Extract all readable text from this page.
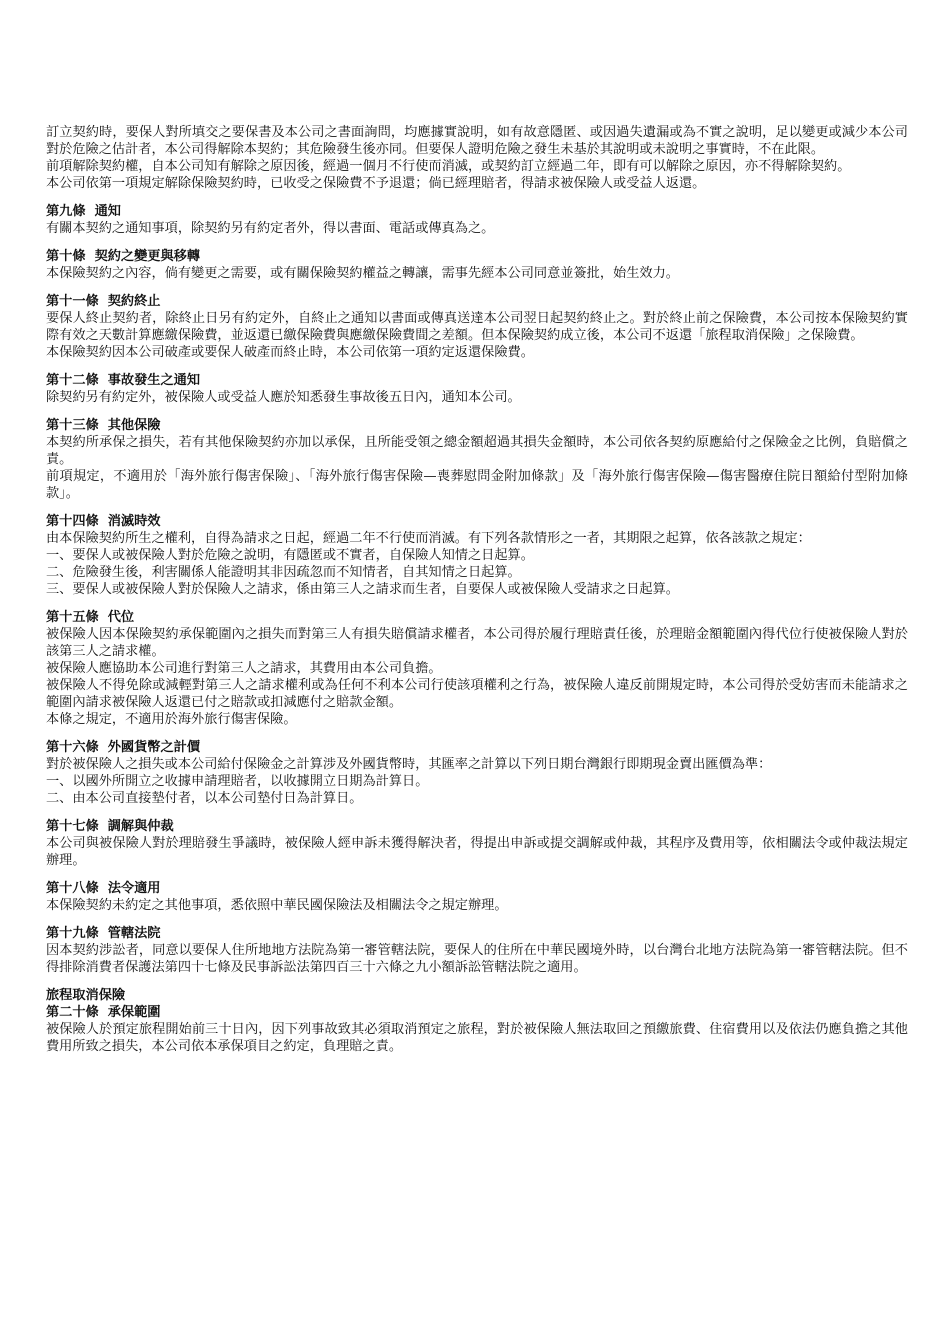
訂立契約時，要保人對所填交之要保書及本公司之書面詢問，均應據實說明，如有故意隱匿、或因過失遺漏或為不實之說明，足以變更或減少本公司對於危險之估計者，本公司得解除本契約；其危險發生後亦同。但要保人證明危險之發生未基於其說明或未說明之事實時，不在此限。

前項解除契約權，自本公司知有解除之原因後，經過一個月不行使而消滅，或契約訂立經過二年，即有可以解除之原因，亦不得解除契約。

本公司依第一項規定解除保險契約時，已收受之保險費不予退還；倘已經理賠者，得請求被保險人或受益人返還。

第九條 通知

有關本契約之通知事項，除契約另有約定者外，得以書面、電話或傳真為之。

第十條 契約之變更與移轉

本保險契約之內容，倘有變更之需要，或有關保險契約權益之轉讓，需事先經本公司同意並簽批，始生效力。

第十一條 契約終止

要保人終止契約者，除終止日另有約定外，自終止之通知以書面或傳真送達本公司翌日起契約終止之。對於終止前之保險費，本公司按本保險契約實際有效之天數計算應繳保險費，並返還已繳保險費與應繳保險費間之差額。但本保險契約成立後，本公司不返還「旅程取消保險」之保險費。

本保險契約因本公司破產或要保人破產而終止時，本公司依第一項約定返還保險費。

第十二條 事故發生之通知

除契約另有約定外，被保險人或受益人應於知悉發生事故後五日內，通知本公司。

第十三條 其他保險

本契約所承保之損失，若有其他保險契約亦加以承保，且所能受領之總金額超過其損失金額時，本公司依各契約原應給付之保險金之比例，負賠償之責。

前項規定，不適用於「海外旅行傷害保險」、「海外旅行傷害保險—喪葬慰問金附加條款」及「海外旅行傷害保險—傷害醫療住院日額給付型附加條款」。

第十四條 消滅時效

由本保險契約所生之權利，自得為請求之日起，經過二年不行使而消滅。有下列各款情形之一者，其期限之起算，依各該款之規定：

一、要保人或被保險人對於危險之說明，有隱匿或不實者，自保險人知情之日起算。

二、危險發生後，利害關係人能證明其非因疏忽而不知情者，自其知情之日起算。

三、要保人或被保險人對於保險人之請求，係由第三人之請求而生者，自要保人或被保險人受請求之日起算。

第十五條 代位

被保險人因本保險契約承保範圍內之損失而對第三人有損失賠償請求權者，本公司得於履行理賠責任後，於理賠金額範圍內得代位行使被保險人對於該第三人之請求權。

被保險人應協助本公司進行對第三人之請求，其費用由本公司負擔。

被保險人不得免除或減輕對第三人之請求權利或為任何不利本公司行使該項權利之行為，被保險人違反前開規定時，本公司得於受妨害而未能請求之範圍內請求被保險人返還已付之賠款或扣減應付之賠款金額。

本條之規定，不適用於海外旅行傷害保險。

第十六條 外國貨幣之計價

對於被保險人之損失或本公司給付保險金之計算涉及外國貨幣時，其匯率之計算以下列日期台灣銀行即期現金賣出匯價為準：

一、以國外所開立之收據申請理賠者，以收據開立日期為計算日。

二、由本公司直接墊付者，以本公司墊付日為計算日。

第十七條 調解與仲裁

本公司與被保險人對於理賠發生爭議時，被保險人經申訴未獲得解決者，得提出申訴或提交調解或仲裁，其程序及費用等，依相關法令或仲裁法規定辦理。

第十八條 法令適用

本保險契約未約定之其他事項，悉依照中華民國保險法及相關法令之規定辦理。

第十九條 管轄法院

因本契約涉訟者，同意以要保人住所地地方法院為第一審管轄法院，要保人的住所在中華民國境外時，以台灣台北地方法院為第一審管轄法院。但不得排除消費者保護法第四十七條及民事訴訟法第四百三十六條之九小額訴訟管轄法院之適用。

旅程取消保險

第二十條 承保範圍

被保險人於預定旅程開始前三十日內，因下列事故致其必須取消預定之旅程，對於被保險人無法取回之預繳旅費、住宿費用以及依法仍應負擔之其他費用所致之損失，本公司依本承保項目之約定，負理賠之責。
